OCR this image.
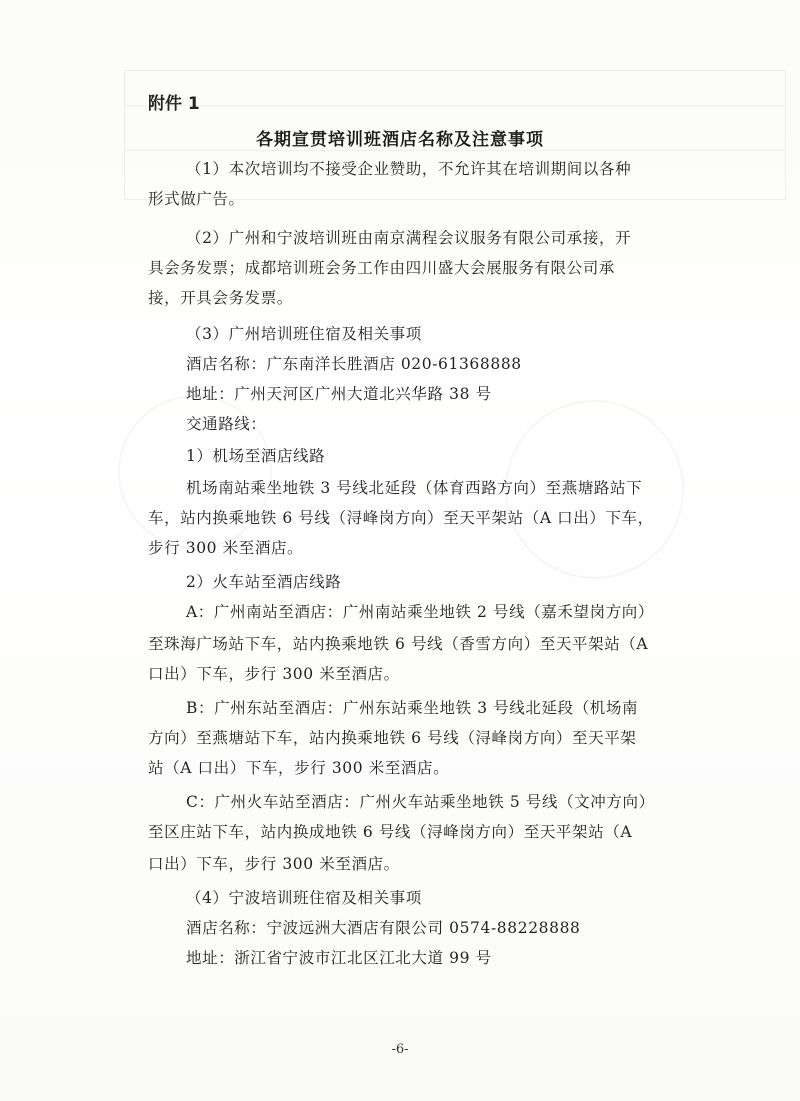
附件 1
各期宣贯培训班酒店名称及注意事项
（1）本次培训均不接受企业赞助，不允许其在培训期间以各种
形式做广告。
（2）广州和宁波培训班由南京满程会议服务有限公司承接，开
具会务发票；成都培训班会务工作由四川盛大会展服务有限公司承
接，开具会务发票。
（3）广州培训班住宿及相关事项
酒店名称：广东南洋长胜酒店 020-61368888
地址：广州天河区广州大道北兴华路 38 号
交通路线：
1）机场至酒店线路
机场南站乘坐地铁 3 号线北延段（体育西路方向）至燕塘路站下
车，站内换乘地铁 6 号线（浔峰岗方向）至天平架站（A 口出）下车，
步行 300 米至酒店。
2）火车站至酒店线路
A：广州南站至酒店：广州南站乘坐地铁 2 号线（嘉禾望岗方向）
至珠海广场站下车，站内换乘地铁 6 号线（香雪方向）至天平架站（A
口出）下车，步行 300 米至酒店。
B：广州东站至酒店：广州东站乘坐地铁 3 号线北延段（机场南
方向）至燕塘站下车，站内换乘地铁 6 号线（浔峰岗方向）至天平架
站（A 口出）下车，步行 300 米至酒店。
C：广州火车站至酒店：广州火车站乘坐地铁 5 号线（文冲方向）
至区庄站下车，站内换成地铁 6 号线（浔峰岗方向）至天平架站（A
口出）下车，步行 300 米至酒店。
（4）宁波培训班住宿及相关事项
酒店名称：宁波远洲大酒店有限公司 0574-88228888
地址：浙江省宁波市江北区江北大道 99 号
-6-
